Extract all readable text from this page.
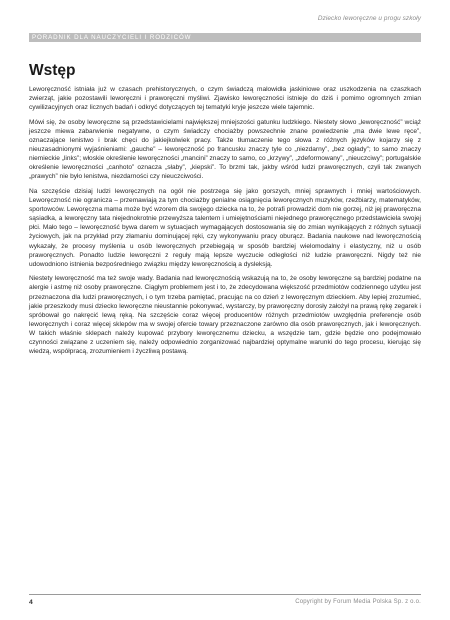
Dziecko leworęczne u progu szkoły
PORADNIK DLA NAUCZYCIELI I RODZICÓW
Wstęp

Leworęczność istniała już w czasach prehistorycznych, o czym świadczą malowidła jaskiniowe oraz uszkodzenia na czaszkach zwierząt, jakie pozostawili leworęczni i praworęczni myśliwi. Zjawisko leworęczności istnieje do dziś i pomimo ogromnych zmian cywilizacyjnych oraz licznych badań i odkryć dotyczących tej tematyki kryje jeszcze wiele tajemnic.

Mówi się, że osoby leworęczne są przedstawicielami największej mniejszości gatunku ludzkiego. Niestety słowo „leworęczność” wciąż jeszcze miewa zabarwienie negatywne, o czym świadczy chociażby powszechnie znane powiedzenie „ma dwie lewe ręce”, oznaczające lenistwo i brak chęci do jakiejkolwiek pracy. Także tłumaczenie tego słowa z różnych języków kojarzy się z nieuzasadnionymi wyjaśnieniami: „gauche” – leworęczność po francusku znaczy tyle co „niezdarny”, „bez ogłady”; to samo znaczy niemieckie „links”; włoskie określenie leworęczności „mancini” znaczy to samo, co „krzywy”, „zdeformowany”, „nieuczciwy”; portugalskie określenie leworęczności „canhoto” oznacza „słaby”, „kiepski”. To brzmi tak, jakby wśród ludzi praworęcznych, czyli tak zwanych „prawych” nie było lenistwa, niezdarności czy nieuczciwości.

Na szczęście dzisiaj ludzi leworęcznych na ogół nie postrzega się jako gorszych, mniej sprawnych i mniej wartościowych. Leworęczność nie ogranicza – przemawiają za tym chociażby genialne osiągnięcia leworęcznych muzyków, rzeźbiarzy, matematyków, sportowców. Leworęczna mama może być wzorem dla swojego dziecka na to, że potrafi prowadzić dom nie gorzej, niż jej praworęczna sąsiadka, a leworęczny tata niejednokrotnie przewyższa talentem i umiejętnościami niejednego praworęcznego przedstawiciela swojej płci. Mało tego – leworęczność bywa darem w sytuacjach wymagających dostosowania się do zmian wynikających z różnych sytuacji życiowych, jak na przykład przy złamaniu dominującej ręki, czy wykonywaniu pracy oburącz. Badania naukowe nad leworęcznością wykazały, że procesy myślenia u osób leworęcznych przebiegają w sposób bardziej wielomodalny i elastyczny, niż u osób praworęcznych. Ponadto ludzie leworęczni z reguły mają lepsze wyczucie odległości niż ludzie praworęczni. Nigdy też nie udowodniono istnienia bezpośredniego związku między leworęcznością a dysleksją.

Niestety leworęczność ma też swoje wady. Badania nad leworęcznością wskazują na to, że osoby leworęczne są bardziej podatne na alergie i astmę niż osoby praworęczne. Ciągłym problemem jest i to, że zdecydowana większość przedmiotów codziennego użytku jest przeznaczona dla ludzi praworęcznych, i o tym trzeba pamiętać, pracując na co dzień z leworęcznym dzieckiem. Aby lepiej zrozumieć, jakie przeszkody musi dziecko leworęczne nieustannie pokonywać, wystarczy, by praworęczny dorosły założył na prawą rękę zegarek i spróbował go nakręcić lewą ręką. Na szczęście coraz więcej producentów różnych przedmiotów uwzględnia preferencje osób leworęcznych i coraz więcej sklepów ma w swojej ofercie towary przeznaczone zarówno dla osób praworęcznych, jak i leworęcznych. W takich właśnie sklepach należy kupować przybory leworęcznemu dziecku, a wszędzie tam, gdzie będzie ono podejmowało czynności związane z uczeniem się, należy odpowiednio zorganizować najbardziej optymalne warunki do tego procesu, kierując się wiedzą, współpracą, zrozumieniem i życzliwą postawą.

4	Copyright by Forum Media Polska Sp. z o.o.
